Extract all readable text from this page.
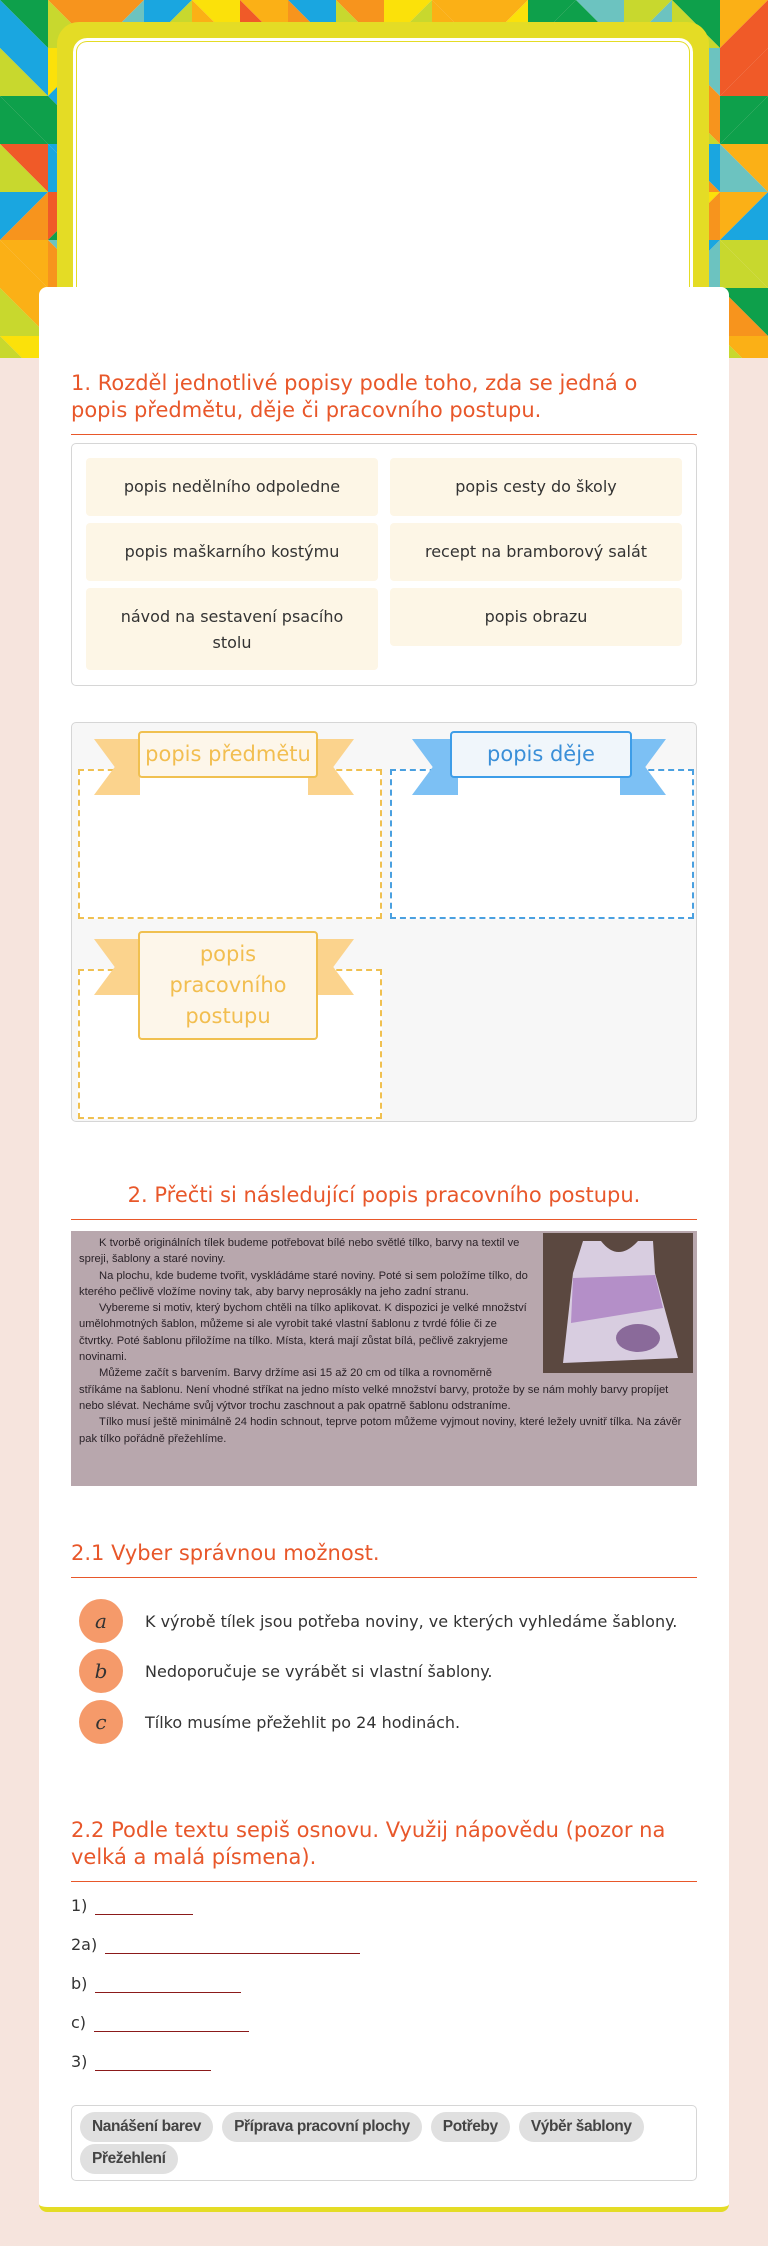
1. Rozděl jednotlivé popisy podle toho, zda se jedná o popis předmětu, děje či pracovního postupu.
popis nedělního odpoledne	popis cesty do školy
popis maškarního kostýmu	recept na bramborový salát
návod na sestavení psacího stolu
popis obrazu
popis předmětu	popis děje
popis pracovního postupu
2. Přečti si následující popis pracovního postupu.

K tvorbě originálních tílek budeme potřebovat bílé nebo světlé tílko, barvy na textil ve spreji, šablony a staré noviny.

Na plochu, kde budeme tvořit, vyskládáme staré noviny. Poté si sem položíme tílko, do kterého pečlivě vložíme noviny tak, aby barvy neprosákly na jeho zadní stranu.

Vybereme si motiv, který bychom chtěli na tílko aplikovat. K dispozici je velké množství umělohmotných šablon, můžeme si ale vyrobit také vlastní šablonu z tvrdé fólie či ze čtvrtky. Poté šablonu přiložíme na tílko. Místa, která mají zůstat bílá, pečlivě zakryjeme novinami.

Můžeme začít s barvením. Barvy držíme asi 15 až 20 cm od tílka a rovnoměrně stříkáme na šablonu. Není vhodné stříkat na jedno místo velké množství barvy, protože by se nám mohly barvy propíjet nebo slévat. Necháme svůj výtvor trochu zaschnout a pak opatrně šablonu odstraníme.

Tílko musí ještě minimálně 24 hodin schnout, teprve potom můžeme vyjmout noviny, které ležely uvnitř tílka. Na závěr pak tílko pořádně přežehlíme.

2.1 Vyber správnou možnost.
a	K výrobě tílek jsou potřeba noviny, ve kterých vyhledáme šablony.
b	Nedoporučuje se vyrábět si vlastní šablony.
c	Tílko musíme přežehlit po 24 hodinách.
2.2 Podle textu sepiš osnovu. Využij nápovědu (pozor na velká a malá písmena).
1)
2a)
b)
c)
3)
Nanášení barev Příprava pracovní plochy Potřeby Výběr šablony Přežehlení
